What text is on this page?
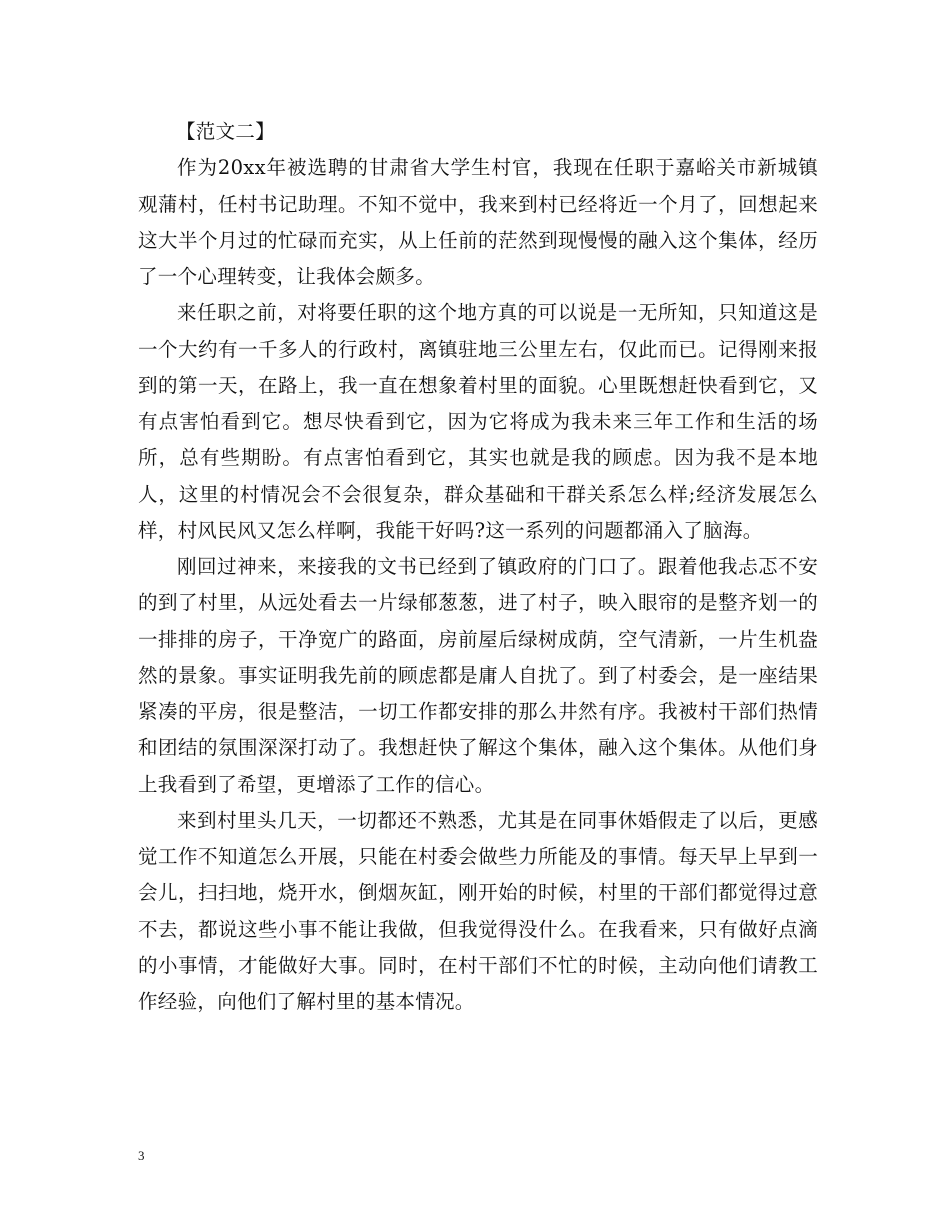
【范文二】

作为20xx年被选聘的甘肃省大学生村官，我现在任职于嘉峪关市新城镇观蒲村，任村书记助理。不知不觉中，我来到村已经将近一个月了，回想起来这大半个月过的忙碌而充实，从上任前的茫然到现慢慢的融入这个集体，经历了一个心理转变，让我体会颇多。

来任职之前，对将要任职的这个地方真的可以说是一无所知，只知道这是一个大约有一千多人的行政村，离镇驻地三公里左右，仅此而已。记得刚来报到的第一天，在路上，我一直在想象着村里的面貌。心里既想赶快看到它，又有点害怕看到它。想尽快看到它，因为它将成为我未来三年工作和生活的场所，总有些期盼。有点害怕看到它，其实也就是我的顾虑。因为我不是本地人，这里的村情况会不会很复杂，群众基础和干群关系怎么样;经济发展怎么样，村风民风又怎么样啊，我能干好吗?这一系列的问题都涌入了脑海。

刚回过神来，来接我的文书已经到了镇政府的门口了。跟着他我忐忑不安的到了村里，从远处看去一片绿郁葱葱，进了村子，映入眼帘的是整齐划一的一排排的房子，干净宽广的路面，房前屋后绿树成荫，空气清新，一片生机盎然的景象。事实证明我先前的顾虑都是庸人自扰了。到了村委会，是一座结果紧凑的平房，很是整洁，一切工作都安排的那么井然有序。我被村干部们热情和团结的氛围深深打动了。我想赶快了解这个集体，融入这个集体。从他们身上我看到了希望，更增添了工作的信心。

来到村里头几天，一切都还不熟悉，尤其是在同事休婚假走了以后，更感觉工作不知道怎么开展，只能在村委会做些力所能及的事情。每天早上早到一会儿，扫扫地，烧开水，倒烟灰缸，刚开始的时候，村里的干部们都觉得过意不去，都说这些小事不能让我做，但我觉得没什么。在我看来，只有做好点滴的小事情，才能做好大事。同时，在村干部们不忙的时候，主动向他们请教工作经验，向他们了解村里的基本情况。

3
